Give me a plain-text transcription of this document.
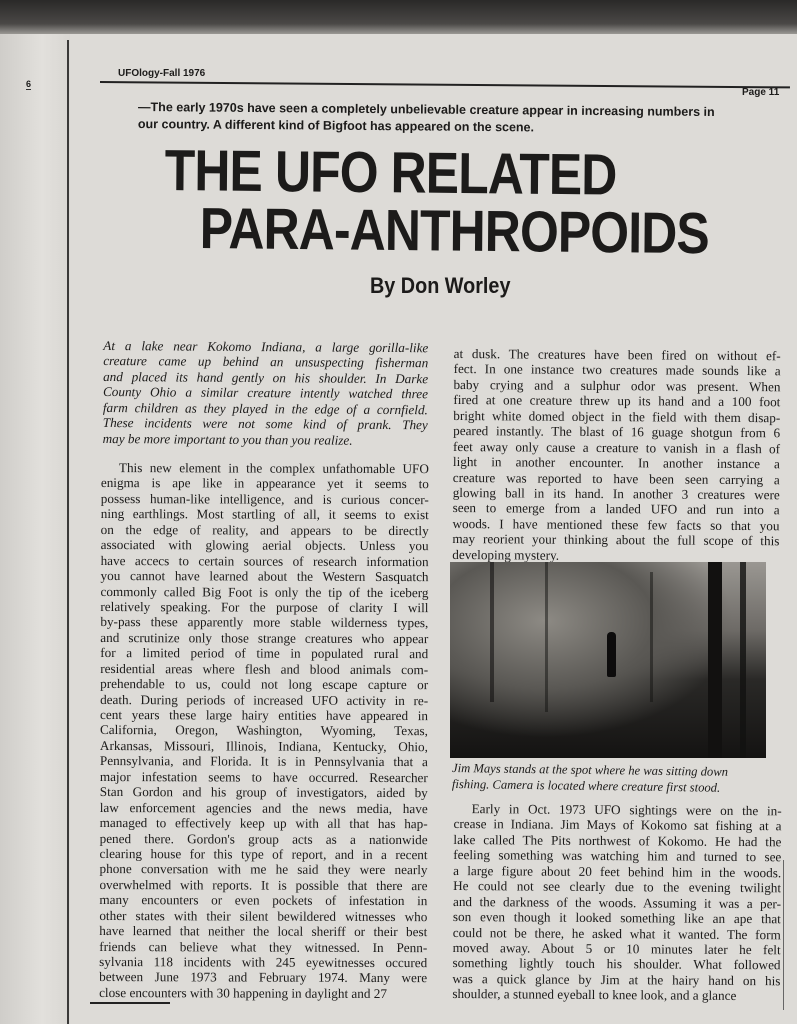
6
UFOlogy-Fall 1976
Page 11
—The early 1970s have seen a completely unbelievable creature appear in increasing numbers in
our country. A different kind of Bigfoot has appeared on the scene.
THE UFO RELATED
PARA-ANTHROPOIDS
By Don Worley
At a lake near Kokomo Indiana, a large gorilla-like
creature came up behind an unsuspecting fisherman
and placed its hand gently on his shoulder. In Darke
County Ohio a similar creature intently watched three
farm children as they played in the edge of a cornfield.
These incidents were not some kind of prank. They
may be more important to you than you realize.
This new element in the complex unfathomable UFO
enigma is ape like in appearance yet it seems to
possess human-like intelligence, and is curious concer-
ning earthlings. Most startling of all, it seems to exist
on the edge of reality, and appears to be directly
associated with glowing aerial objects. Unless you
have accecs to certain sources of research information
you cannot have learned about the Western Sasquatch
commonly called Big Foot is only the tip of the iceberg
relatively speaking. For the purpose of clarity I will
by-pass these apparently more stable wilderness types,
and scrutinize only those strange creatures who appear
for a limited period of time in populated rural and
residential areas where flesh and blood animals com-
prehendable to us, could not long escape capture or
death. During periods of increased UFO activity in re-
cent years these large hairy entities have appeared in
California, Oregon, Washington, Wyoming, Texas,
Arkansas, Missouri, Illinois, Indiana, Kentucky, Ohio,
Pennsylvania, and Florida. It is in Pennsylvania that a
major infestation seems to have occurred. Researcher
Stan Gordon and his group of investigators, aided by
law enforcement agencies and the news media, have
managed to effectively keep up with all that has hap-
pened there. Gordon's group acts as a nationwide
clearing house for this type of report, and in a recent
phone conversation with me he said they were nearly
overwhelmed with reports. It is possible that there are
many encounters or even pockets of infestation in
other states with their silent bewildered witnesses who
have learned that neither the local sheriff or their best
friends can believe what they witnessed. In Penn-
sylvania 118 incidents with 245 eyewitnesses occured
between June 1973 and February 1974. Many were
close encounters with 30 happening in daylight and 27
at dusk. The creatures have been fired on without ef-
fect. In one instance two creatures made sounds like a
baby crying and a sulphur odor was present. When
fired at one creature threw up its hand and a 100 foot
bright white domed object in the field with them disap-
peared instantly. The blast of 16 guage shotgun from 6
feet away only cause a creature to vanish in a flash of
light in another encounter. In another instance a
creature was reported to have been seen carrying a
glowing ball in its hand. In another 3 creatures were
seen to emerge from a landed UFO and run into a
woods. I have mentioned these few facts so that you
may reorient your thinking about the full scope of this
developing mystery.
Jim Mays stands at the spot where he was sitting down
fishing. Camera is located where creature first stood.
Early in Oct. 1973 UFO sightings were on the in-
crease in Indiana. Jim Mays of Kokomo sat fishing at a
lake called The Pits northwest of Kokomo. He had the
feeling something was watching him and turned to see
a large figure about 20 feet behind him in the woods.
He could not see clearly due to the evening twilight
and the darkness of the woods. Assuming it was a per-
son even though it looked something like an ape that
could not be there, he asked what it wanted. The form
moved away. About 5 or 10 minutes later he felt
something lightly touch his shoulder. What followed
was a quick glance by Jim at the hairy hand on his
shoulder, a stunned eyeball to knee look, and a glance
